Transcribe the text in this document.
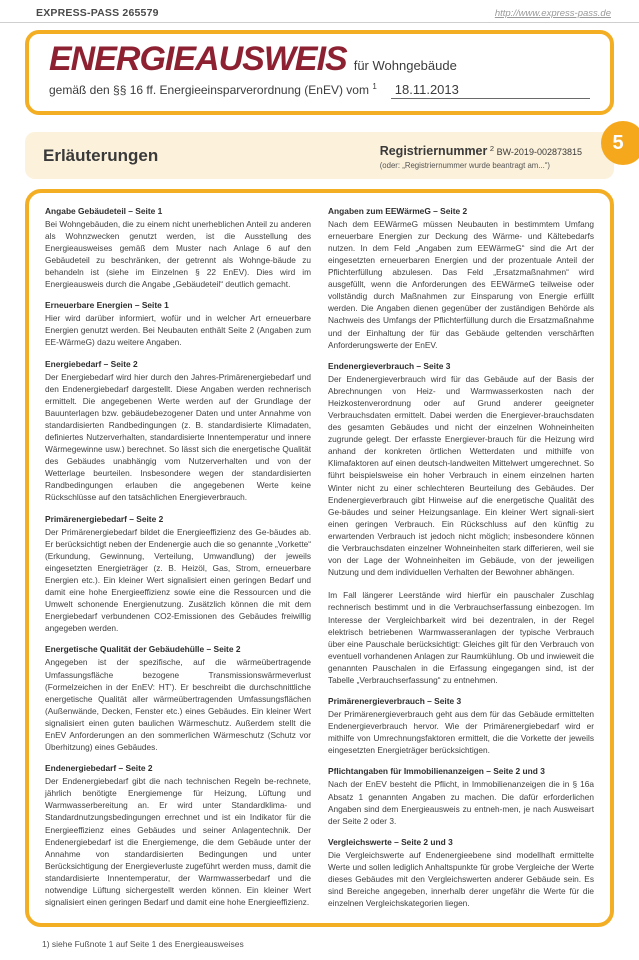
EXPRESS-PASS 265579	http://www.express-pass.de
ENERGIEAUSWEIS für Wohngebäude
gemäß den §§ 16 ff. Energieeinsparverordnung (EnEV) vom $^1$	18.11.2013
Erläuterungen	Registriernummer $^2$ BW-2019-002873815
(oder: „Registriernummer wurde beantragt am...“)
5
Angabe Gebäudeteil – Seite 1

Bei Wohngebäuden, die zu einem nicht unerheblichen Anteil zu anderen als Wohnzwecken genutzt werden, ist die Ausstellung des Energieausweises gemäß dem Muster nach Anlage 6 auf den Gebäudeteil zu beschränken, der getrennt als Wohnge-bäude zu behandeln ist (siehe im Einzelnen § 22 EnEV). Dies wird im Energieausweis durch die Angabe „Gebäudeteil“ deutlich gemacht.

Erneuerbare Energien – Seite 1

Hier wird darüber informiert, wofür und in welcher Art erneuerbare Energien genutzt werden. Bei Neubauten enthält Seite 2 (Angaben zum EE-WärmeG) dazu weitere Angaben.

Energiebedarf – Seite 2

Der Energiebedarf wird hier durch den Jahres-Primärenergiebedarf und den Endenergiebedarf dargestellt. Diese Angaben werden rechnerisch ermittelt. Die angegebenen Werte werden auf der Grundlage der Bauunterlagen bzw. gebäudebezogener Daten und unter Annahme von standardisierten Randbedingungen (z. B. standardisierte Klimadaten, definiertes Nutzerverhalten, standardisierte Innentemperatur und innere Wärmegewinne usw.) berechnet. So lässt sich die energetische Qualität des Gebäudes unabhängig vom Nutzerverhalten und von der Wetterlage beurteilen. Insbesondere wegen der standardisierten Randbedingungen erlauben die angegebenen Werte keine Rückschlüsse auf den tatsächlichen Energieverbrauch.

Primärenergiebedarf – Seite 2

Der Primärenergiebedarf bildet die Energieeffizienz des Ge-bäudes ab. Er berücksichtigt neben der Endenergie auch die so genannte „Vorkette“ (Erkundung, Gewinnung, Verteilung, Umwandlung) der jeweils eingesetzten Energieträger (z. B. Heizöl, Gas, Strom, erneuerbare Energien etc.). Ein kleiner Wert signalisiert einen geringen Bedarf und damit eine hohe Energieeffizienz sowie eine die Ressourcen und die Umwelt schonende Energienutzung. Zusätzlich können die mit dem Energiebedarf verbundenen CO2-Emissionen des Gebäudes freiwillig angegeben werden.

Energetische Qualität der Gebäudehülle – Seite 2

Angegeben ist der spezifische, auf die wärmeübertragende Umfassungsfläche bezogene Transmissionswärmeverlust (Formelzeichen in der EnEV: HT’). Er beschreibt die durchschnittliche energetische Qualität aller wärmeübertragenden Umfassungsflächen (Außenwände, Decken, Fenster etc.) eines Gebäudes. Ein kleiner Wert signalisiert einen guten baulichen Wärmeschutz. Außerdem stellt die EnEV Anforderungen an den sommerlichen Wärmeschutz (Schutz vor Überhitzung) eines Gebäudes.

Endenergiebedarf – Seite 2

Der Endenergiebedarf gibt die nach technischen Regeln be-rechnete, jährlich benötigte Energiemenge für Heizung, Lüftung und Warmwasserbereitung an. Er wird unter Standardklima- und Standardnutzungsbedingungen errechnet und ist ein Indikator für die Energieeffizienz eines Gebäudes und seiner Anlagentechnik. Der Endenergiebedarf ist die Energiemenge, die dem Gebäude unter der Annahme von standardisierten Bedingungen und unter Berücksichtigung der Energieverluste zugeführt werden muss, damit die standardisierte Innentemperatur, der Warmwasserbedarf und die notwendige Lüftung sichergestellt werden können. Ein kleiner Wert signalisiert einen geringen Bedarf und damit eine hohe Energieeffizienz.

Angaben zum EEWärmeG – Seite 2

Nach dem EEWärmeG müssen Neubauten in bestimmtem Umfang erneuerbare Energien zur Deckung des Wärme- und Kältebedarfs nutzen. In dem Feld „Angaben zum EEWärmeG“ sind die Art der eingesetzten erneuerbaren Energien und der prozentuale Anteil der Pflichterfüllung abzulesen. Das Feld „Ersatzmaßnahmen“ wird ausgefüllt, wenn die Anforderungen des EEWärmeG teilweise oder vollständig durch Maßnahmen zur Einsparung von Energie erfüllt werden. Die Angaben dienen gegenüber der zuständigen Behörde als Nachweis des Umfangs der Pflichterfüllung durch die Ersatzmaßnahme und der Einhaltung der für das Gebäude geltenden verschärften Anforderungswerte der EnEV.

Endenergieverbrauch – Seite 3

Der Endenergieverbrauch wird für das Gebäude auf der Basis der Abrechnungen von Heiz- und Warmwasserkosten nach der Heizkostenverordnung oder auf Grund anderer geeigneter Verbrauchsdaten ermittelt. Dabei werden die Energiever-brauchsdaten des gesamten Gebäudes und nicht der einzelnen Wohneinheiten zugrunde gelegt. Der erfasste Energiever-brauch für die Heizung wird anhand der konkreten örtlichen Wetterdaten und mithilfe von Klimafaktoren auf einen deutsch-landweiten Mittelwert umgerechnet. So führt beispielsweise ein hoher Verbrauch in einem einzelnen harten Winter nicht zu einer schlechteren Beurteilung des Gebäudes. Der Endenergieverbrauch gibt Hinweise auf die energetische Qualität des Ge-bäudes und seiner Heizungsanlage. Ein kleiner Wert signali-siert einen geringen Verbrauch. Ein Rückschluss auf den künftig zu erwartenden Verbrauch ist jedoch nicht möglich; insbesondere können die Verbrauchsdaten einzelner Wohneinheiten stark differieren, weil sie von der Lage der Wohneinheiten im Gebäude, von der jeweiligen Nutzung und dem individuellen Verhalten der Bewohner abhängen.

Im Fall längerer Leerstände wird hierfür ein pauschaler Zuschlag rechnerisch bestimmt und in die Verbrauchserfassung einbezogen. Im Interesse der Vergleichbarkeit wird bei dezentralen, in der Regel elektrisch betriebenen Warmwasseranlagen der typische Verbrauch über eine Pauschale berücksichtigt: Gleiches gilt für den Verbrauch von eventuell vorhandenen Anlagen zur Raumkühlung. Ob und inwieweit die genannten Pauschalen in die Erfassung eingegangen sind, ist der Tabelle „Verbrauchserfassung“ zu entnehmen.

Primärenergieverbrauch – Seite 3

Der Primärenergieverbrauch geht aus dem für das Gebäude ermittelten Endenergieverbrauch hervor. Wie der Primärenergiebedarf wird er mithilfe von Umrechnungsfaktoren ermittelt, die die Vorkette der jeweils eingesetzten Energieträger berücksichtigen.

Pflichtangaben für Immobilienanzeigen – Seite 2 und 3

Nach der EnEV besteht die Pflicht, in Immobilienanzeigen die in § 16a Absatz 1 genannten Angaben zu machen. Die dafür erforderlichen Angaben sind dem Energieausweis zu entneh-men, je nach Ausweisart der Seite 2 oder 3.

Vergleichswerte – Seite 2 und 3

Die Vergleichswerte auf Endenergieebene sind modellhaft ermittelte Werte und sollen lediglich Anhaltspunkte für grobe Vergleiche der Werte dieses Gebäudes mit den Vergleichswerten anderer Gebäude sein. Es sind Bereiche angegeben, innerhalb derer ungefähr die Werte für die einzelnen Vergleichskategorien liegen.

1) siehe Fußnote 1 auf Seite 1 des Energieausweises
